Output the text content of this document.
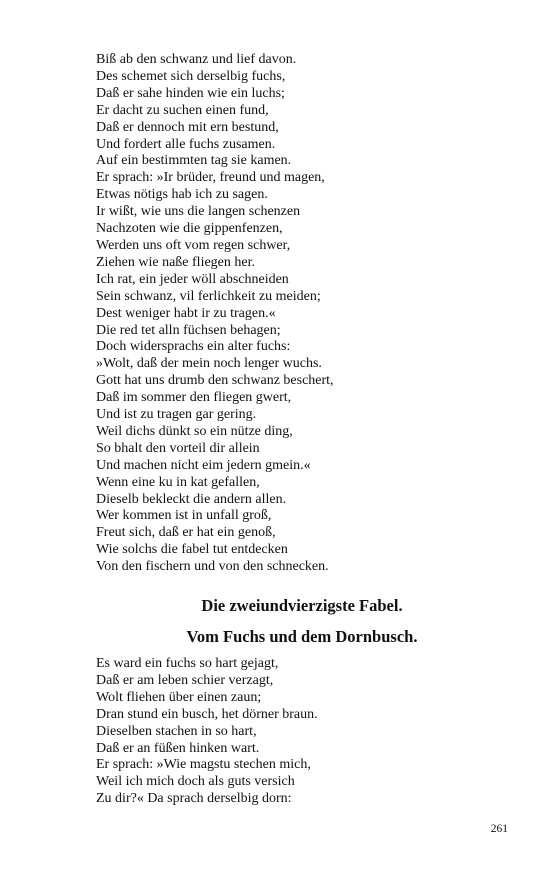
Biß ab den schwanz und lief davon.
Des schemet sich derselbig fuchs,
Daß er sahe hinden wie ein luchs;
Er dacht zu suchen einen fund,
Daß er dennoch mit ern bestund,
Und fordert alle fuchs zusamen.
Auf ein bestimmten tag sie kamen.
Er sprach: »Ir brüder, freund und magen,
Etwas nötigs hab ich zu sagen.
Ir wißt, wie uns die langen schenzen
Nachzoten wie die gippenfenzen,
Werden uns oft vom regen schwer,
Ziehen wie naße fliegen her.
Ich rat, ein jeder wöll abschneiden
Sein schwanz, vil ferlichkeit zu meiden;
Dest weniger habt ir zu tragen.«
Die red tet alln füchsen behagen;
Doch widersprachs ein alter fuchs:
»Wolt, daß der mein noch lenger wuchs.
Gott hat uns drumb den schwanz beschert,
Daß im sommer den fliegen gwert,
Und ist zu tragen gar gering.
Weil dichs dünkt so ein nütze ding,
So bhalt den vorteil dir allein
Und machen nicht eim jedern gmein.«
Wenn eine ku in kat gefallen,
Dieselb bekleckt die andern allen.
Wer kommen ist in unfall groß,
Freut sich, daß er hat ein genoß,
Wie solchs die fabel tut entdecken
Von den fischern und von den schnecken.
Die zweiundvierzigste Fabel.
Vom Fuchs und dem Dornbusch.
Es ward ein fuchs so hart gejagt,
Daß er am leben schier verzagt,
Wolt fliehen über einen zaun;
Dran stund ein busch, het dörner braun.
Dieselben stachen in so hart,
Daß er an füßen hinken wart.
Er sprach: »Wie magstu stechen mich,
Weil ich mich doch als guts versich
Zu dir?« Da sprach derselbig dorn:
261
